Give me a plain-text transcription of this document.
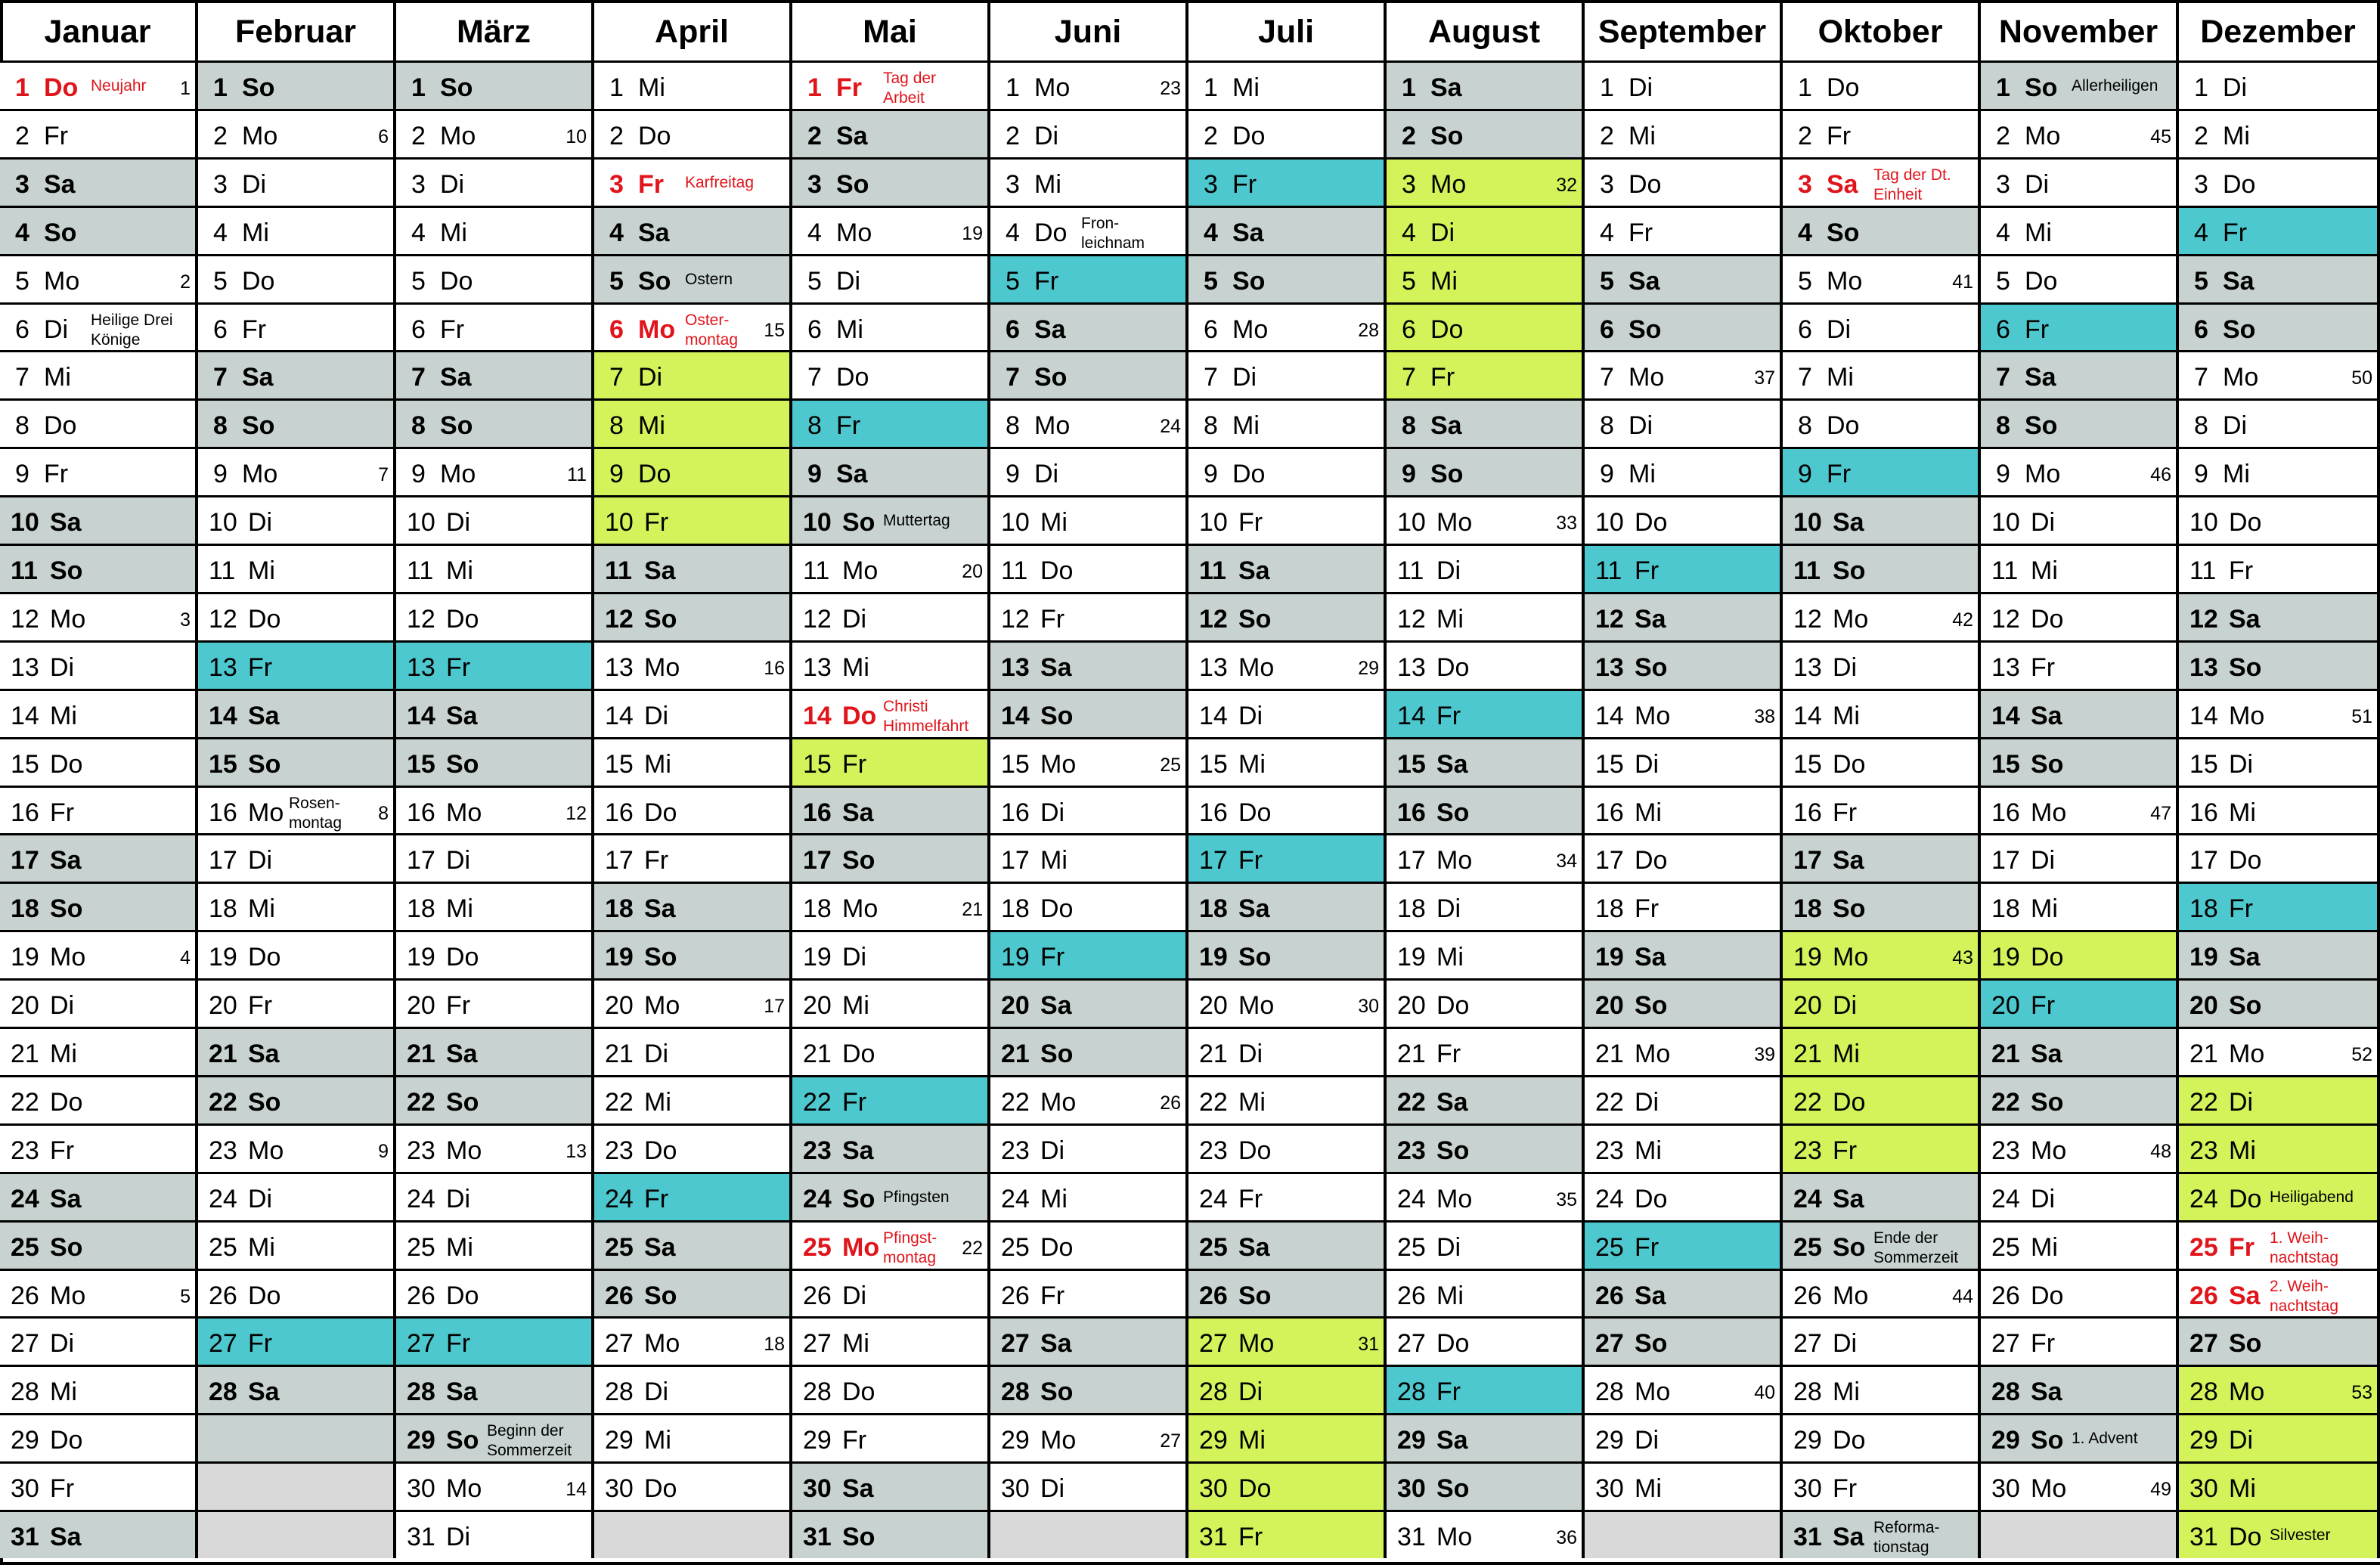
Januar
1 Do Neujahr 1
2 Fr
3 Sa
4 So
5 Mo	2
6 Di Heilige Drei
Könige
7 Mi
8 Do
9 Fr
10 Sa
11 So
12 Mo	3
13 Di
14 Mi
15 Do
16 Fr
17 Sa
18 So
19 Mo	4
20 Di
21 Mi
22 Do
23 Fr
24 Sa
25 So
26 Mo	5
27 Di
28 Mi
29 Do
30 Fr
31 Sa
Februar
1 So
2 Mo	6
3 Di
4 Mi
5 Do
6 Fr
7 Sa
8 So
9 Mo	7
10 Di
11 Mi
12 Do
13 Fr
14 Sa
15 So
16 Mo Rosen-
montag 8
17 Di
18 Mi
19 Do
20 Fr
21 Sa
22 So
23 Mo	9
24 Di
25 Mi
26 Do
27 Fr
28 Sa
März
1 So
2 Mo	10
3 Di
4 Mi
5 Do
6 Fr
7 Sa
8 So
9 Mo	11
10 Di
11 Mi
12 Do
13 Fr
14 Sa
15 So
16 Mo	12
17 Di
18 Mi
19 Do
20 Fr
21 Sa
22 So
23 Mo	13
24 Di
25 Mi
26 Do
27 Fr
28 Sa
29 So Beginn der
Sommerzeit
30 Mo	14
31 Di
April
1 Mi
2 Do
3 Fr Karfreitag
4 Sa
5 So Ostern
6 Mo Oster-
montag 15
7 Di
8 Mi
9 Do
10 Fr
11 Sa
12 So
13 Mo	16
14 Di
15 Mi
16 Do
17 Fr
18 Sa
19 So
20 Mo	17
21 Di
22 Mi
23 Do
24 Fr
25 Sa
26 So
27 Mo	18
28 Di
29 Mi
30 Do
Mai
1 Fr Tag der
Arbeit
2 Sa
3 So
4 Mo	19
5 Di
6 Mi
7 Do
8 Fr
9 Sa
10 So Muttertag
11 Mo	20
12 Di
13 Mi
14 Do Christi
Himmelfahrt
15 Fr
16 Sa
17 So
18 Mo	21
19 Di
20 Mi
21 Do
22 Fr
23 Sa
24 So Pfingsten
25 Mo Pfingst-
montag 22
26 Di
27 Mi
28 Do
29 Fr
30 Sa
31 So
Juni
1 Mo	23
2 Di
3 Mi
4 Do Fron-
leichnam
5 Fr
6 Sa
7 So
8 Mo	24
9 Di
10 Mi
11 Do
12 Fr
13 Sa
14 So
15 Mo	25
16 Di
17 Mi
18 Do
19 Fr
20 Sa
21 So
22 Mo	26
23 Di
24 Mi
25 Do
26 Fr
27 Sa
28 So
29 Mo	27
30 Di
Juli
1 Mi
2 Do
3 Fr
4 Sa
5 So
6 Mo	28
7 Di
8 Mi
9 Do
10 Fr
11 Sa
12 So
13 Mo	29
14 Di
15 Mi
16 Do
17 Fr
18 Sa
19 So
20 Mo	30
21 Di
22 Mi
23 Do
24 Fr
25 Sa
26 So
27 Mo	31
28 Di
29 Mi
30 Do
31 Fr
August
1 Sa
2 So
3 Mo	32
4 Di
5 Mi
6 Do
7 Fr
8 Sa
9 So
10 Mo	33
11 Di
12 Mi
13 Do
14 Fr
15 Sa
16 So
17 Mo	34
18 Di
19 Mi
20 Do
21 Fr
22 Sa
23 So
24 Mo	35
25 Di
26 Mi
27 Do
28 Fr
29 Sa
30 So
31 Mo	36
September
1 Di
2 Mi
3 Do
4 Fr
5 Sa
6 So
7 Mo	37
8 Di
9 Mi
10 Do
11 Fr
12 Sa
13 So
14 Mo	38
15 Di
16 Mi
17 Do
18 Fr
19 Sa
20 So
21 Mo	39
22 Di
23 Mi
24 Do
25 Fr
26 Sa
27 So
28 Mo	40
29 Di
30 Mi
Oktober
1 Do
2 Fr
3 Sa Tag der Dt.
Einheit
4 So
5 Mo	41
6 Di
7 Mi
8 Do
9 Fr
10 Sa
11 So
12 Mo	42
13 Di
14 Mi
15 Do
16 Fr
17 Sa
18 So
19 Mo	43
20 Di
21 Mi
22 Do
23 Fr
24 Sa
25 So Ende der
Sommerzeit
26 Mo	44
27 Di
28 Mi
29 Do
30 Fr
31 Sa Reforma-
tionstag
November
1 So Allerheiligen
2 Mo	45
3 Di
4 Mi
5 Do
6 Fr
7 Sa
8 So
9 Mo	46
10 Di
11 Mi
12 Do
13 Fr
14 Sa
15 So
16 Mo	47
17 Di
18 Mi
19 Do
20 Fr
21 Sa
22 So
23 Mo	48
24 Di
25 Mi
26 Do
27 Fr
28 Sa
29 So 1. Advent
30 Mo	49
Dezember
1 Di
2 Mi
3 Do
4 Fr
5 Sa
6 So
7 Mo	50
8 Di
9 Mi
10 Do
11 Fr
12 Sa
13 So
14 Mo	51
15 Di
16 Mi
17 Do
18 Fr
19 Sa
20 So
21 Mo	52
22 Di
23 Mi
24 Do Heiligabend
25 Fr 1. Weih-
nachtstag
26 Sa 2. Weih-
nachtstag
27 So
28 Mo	53
29 Di
30 Mi
31 Do Silvester
